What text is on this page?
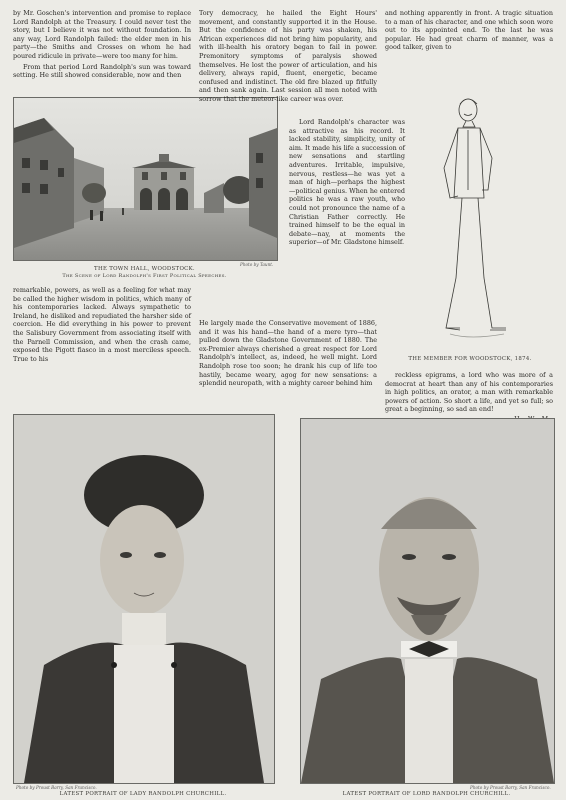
by Mr. Goschen's intervention and promise to replace Lord Randolph at the Treasury. I could never test the story, but I believe it was not without foundation. In any way, Lord Randolph failed: the elder men in his party—the Smiths and Crosses on whom he had poured ridicule in private—were too many for him.

From that period Lord Randolph's sun was toward setting. He still showed considerable, now and then

Photo by Taunt.
THE TOWN HALL, WOODSTOCK.
The Scene of Lord Randolph's First Political Speeches.

remarkable, powers, as well as a feeling for what may be called the higher wisdom in politics, which many of his contemporaries lacked. Always sympathetic to Ireland, he disliked and repudiated the harsher side of coercion. He did everything in his power to prevent the Salisbury Government from associating itself with the Parnell Commission, and when the crash came, exposed the Pigott fiasco in a most merciless speech. True to his

Tory democracy, he hailed the Eight Hours' movement, and constantly supported it in the House. But the confidence of his party was shaken, his African experiences did not bring him popularity, and with ill-health his oratory began to fail in power. Premonitory symptoms of paralysis showed themselves. He lost the power of articulation, and his delivery, always rapid, fluent, energetic, became confused and indistinct. The old fire blazed up fitfully and then sank again. Last session all men noted with sorrow that the meteor-like career was over.

Lord Randolph's character was as attractive as his record. It lacked stability, simplicity, unity of aim. It made his life a succession of new sensations and startling adventures. Irritable, impulsive, nervous, restless—he was yet a man of high—perhaps the highest—political genius. When he entered politics he was a raw youth, who could not pronounce the name of a Christian Father correctly. He trained himself to be the equal in debate—nay, at moments the superior—of Mr. Gladstone himself.

He largely made the Conservative movement of 1886, and it was his hand—the hand of a mere tyro—that pulled down the Gladstone Government of 1880. The ex-Premier always cherished a great respect for Lord Randolph's intellect, as, indeed, he well might. Lord Randolph rose too soon; he drank his cup of life too hastily, became weary, agog for new sensations: a splendid neuropath, with a mighty career behind him

and nothing apparently in front. A tragic situation to a man of his character, and one which soon wore out to its appointed end. To the last he was popular. He had great charm of manner, was a good talker, given to

THE MEMBER FOR WOODSTOCK, 1874.

reckless epigrams, a lord who was more of a democrat at heart than any of his contemporaries in high politics, an orator, a man with remarkable powers of action. So short a life, and yet so full; so great a beginning, so sad an end!

Photo by Proust Barry, San Francisco.
LATEST PORTRAIT OF LADY RANDOLPH CHURCHILL.
Photo by Proust Barry, San Francisco.
LATEST PORTRAIT OF LORD RANDOLPH CHURCHILL.
